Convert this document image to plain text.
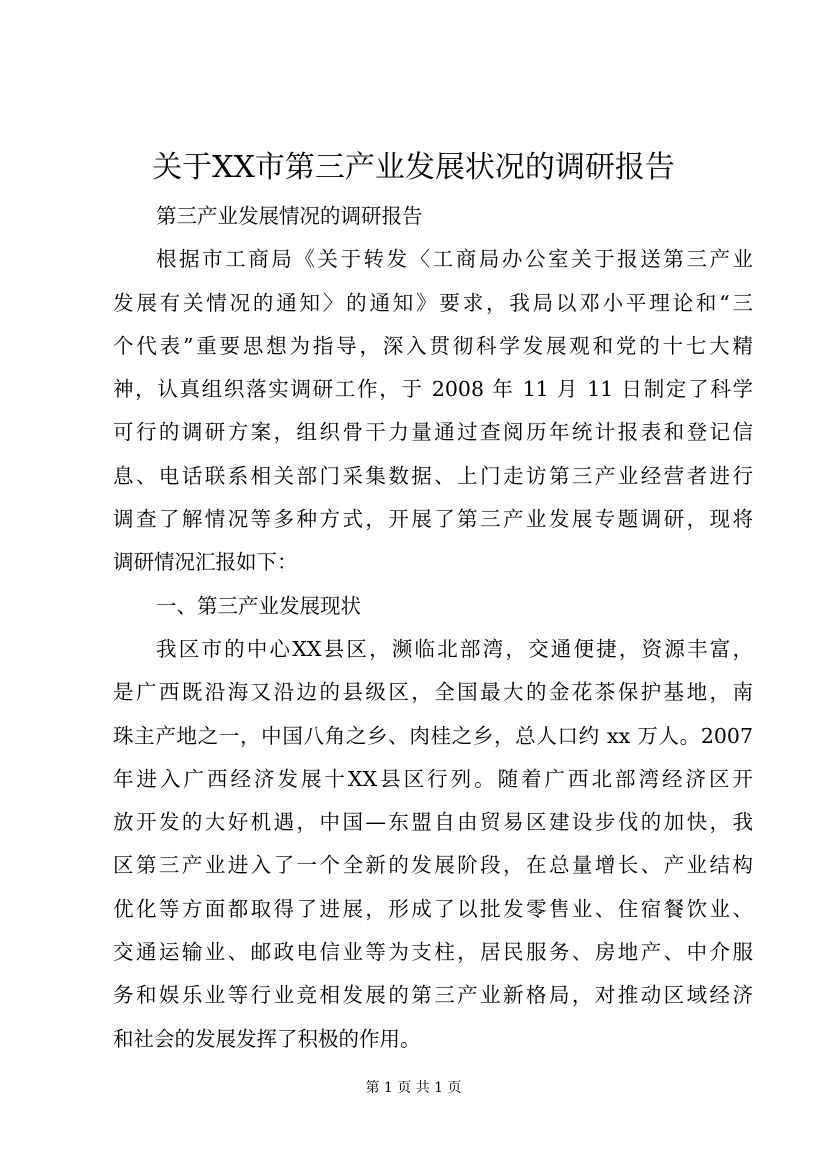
关于XX市第三产业发展状况的调研报告
第三产业发展情况的调研报告
根据市工商局《关于转发〈工商局办公室关于报送第三产业
发展有关情况的通知〉的通知》要求，我局以邓小平理论和“三
个代表”重要思想为指导，深入贯彻科学发展观和党的十七大精
神，认真组织落实调研工作，于 2008 年 11 月 11 日制定了科学
可行的调研方案，组织骨干力量通过查阅历年统计报表和登记信
息、电话联系相关部门采集数据、上门走访第三产业经营者进行
调查了解情况等多种方式，开展了第三产业发展专题调研，现将
调研情况汇报如下：
一、第三产业发展现状
我区市的中心XX县区，濒临北部湾，交通便捷，资源丰富，
是广西既沿海又沿边的县级区，全国最大的金花茶保护基地，南
珠主产地之一，中国八角之乡、肉桂之乡，总人口约 xx 万人。2007
年进入广西经济发展十XX县区行列。随着广西北部湾经济区开
放开发的大好机遇，中国—东盟自由贸易区建设步伐的加快，我
区第三产业进入了一个全新的发展阶段，在总量增长、产业结构
优化等方面都取得了进展，形成了以批发零售业、住宿餐饮业、
交通运输业、邮政电信业等为支柱，居民服务、房地产、中介服
务和娱乐业等行业竞相发展的第三产业新格局，对推动区域经济
和社会的发展发挥了积极的作用。
第 1 页 共 1 页
